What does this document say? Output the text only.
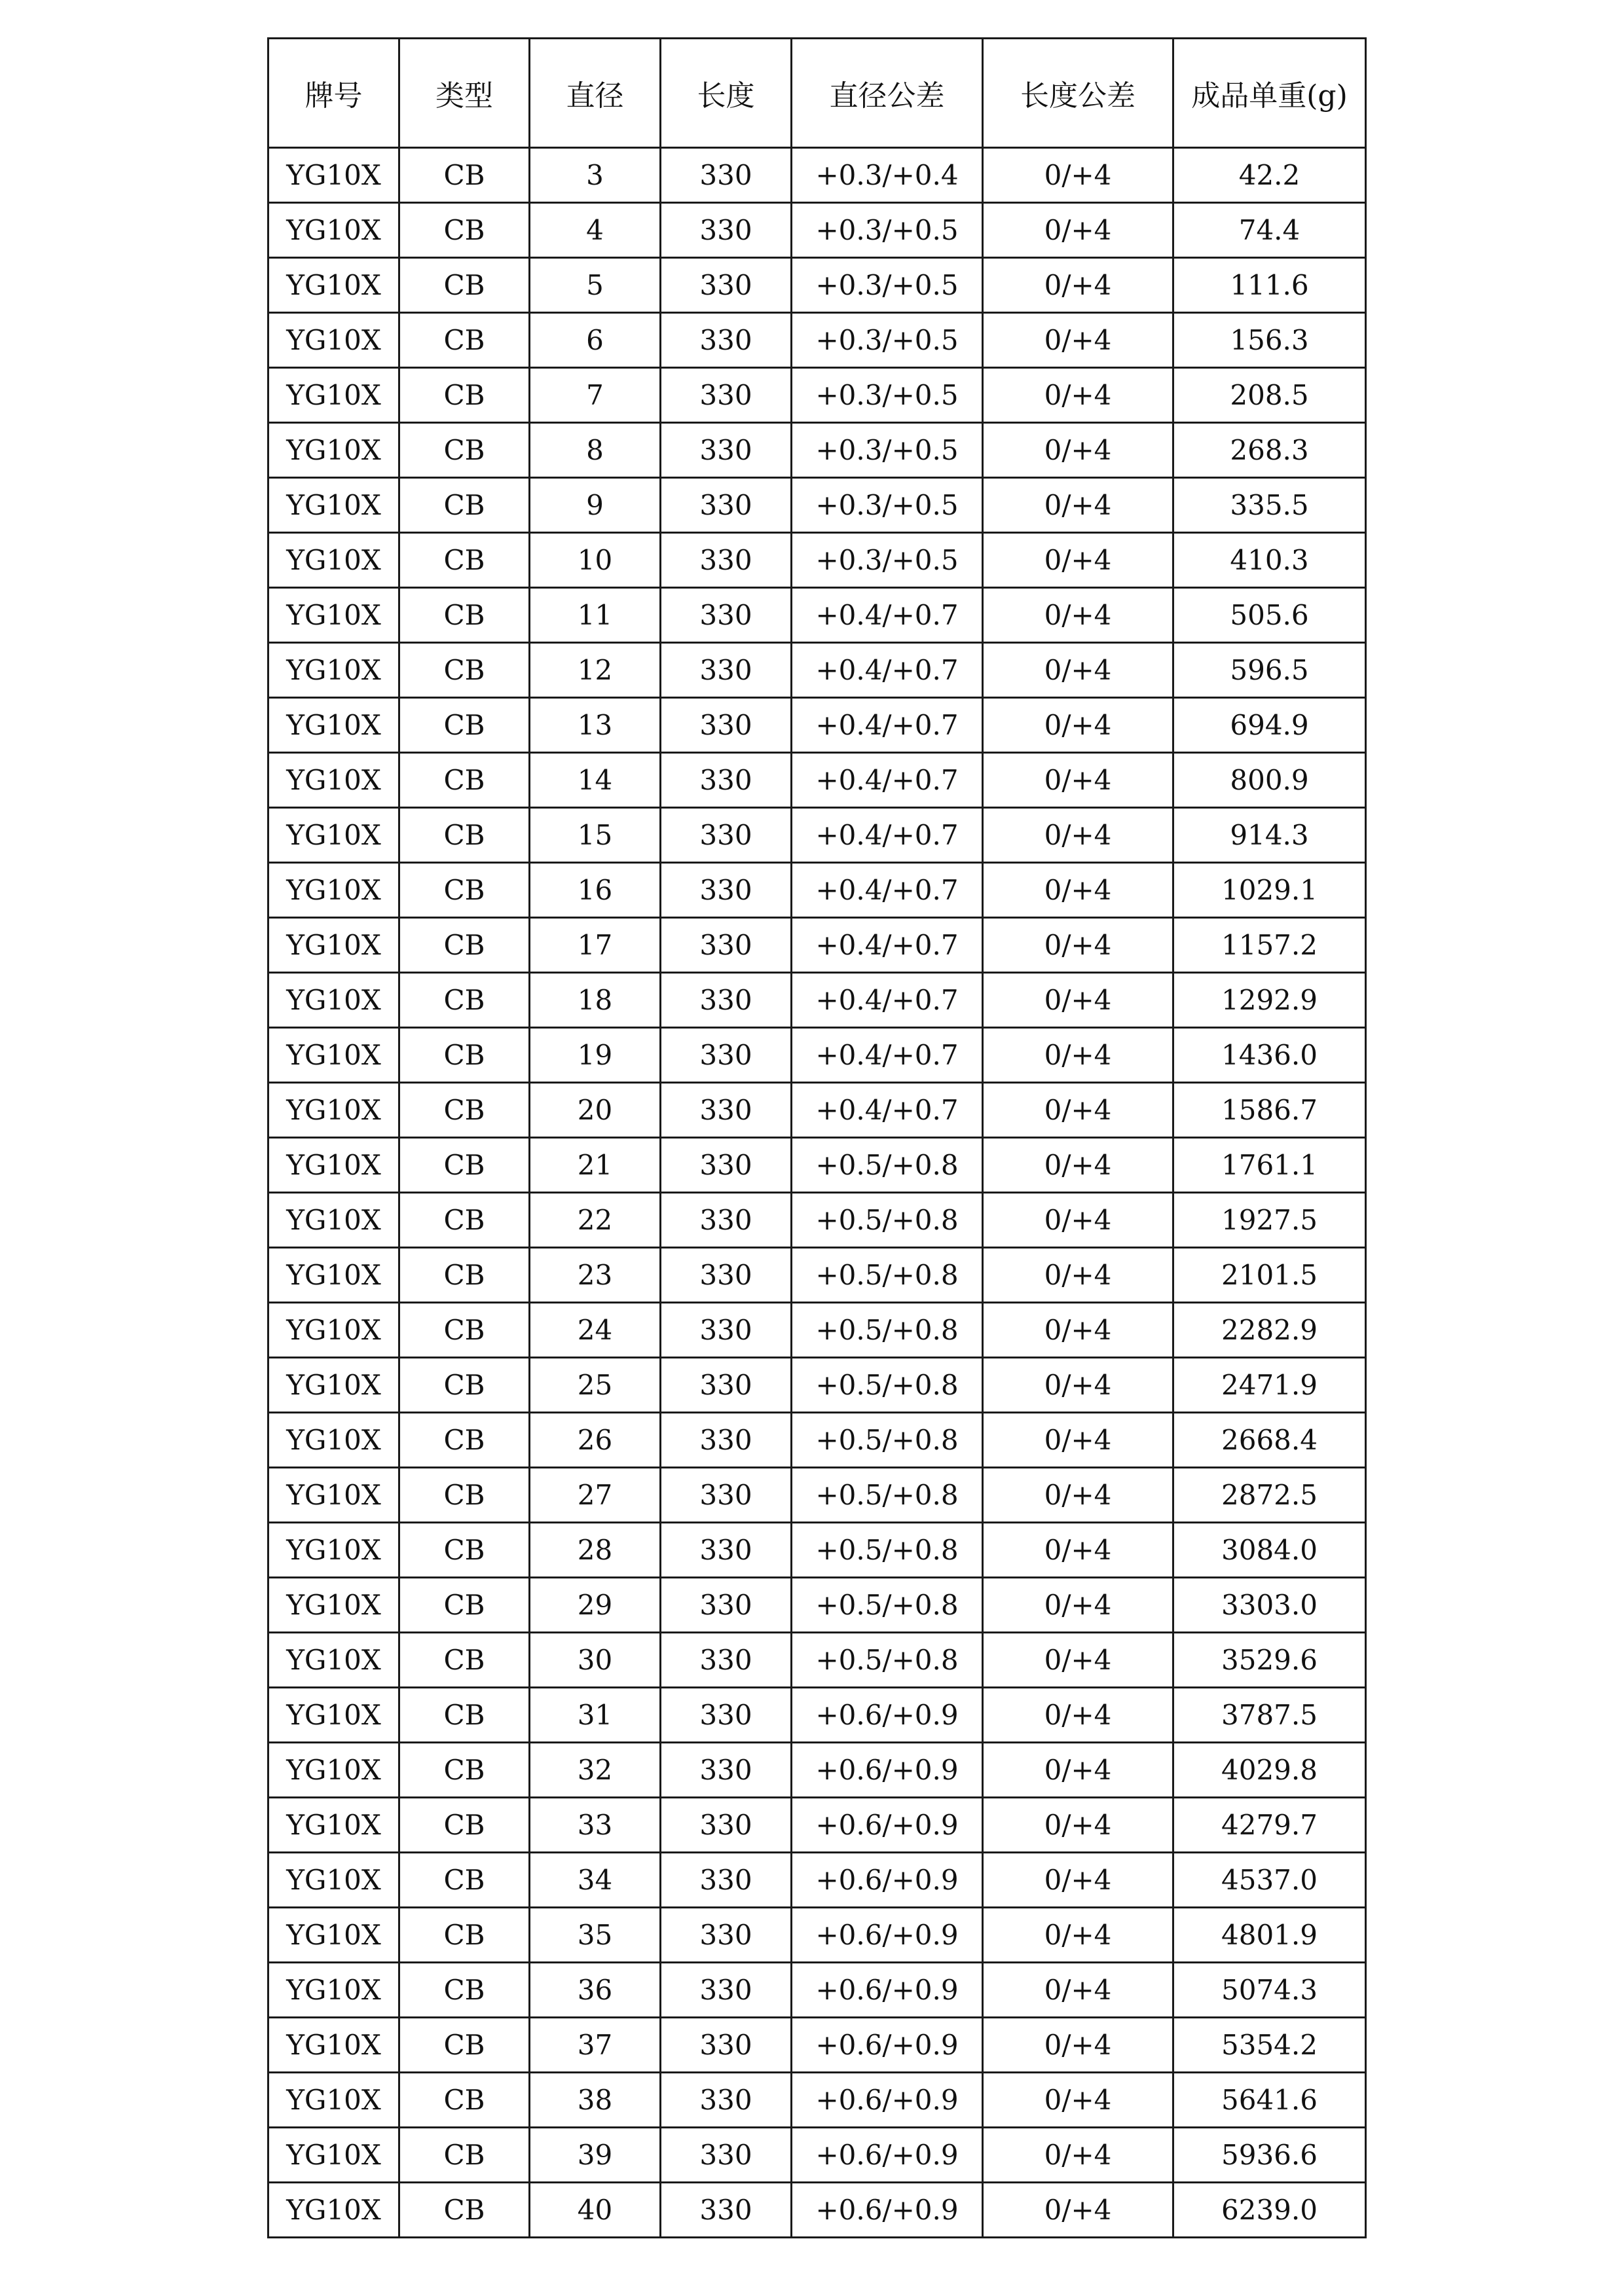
牌号	类型	直径	长度	直径公差	长度公差	成品单重(g)
YG10X	CB	3	330	+0.3/+0.4	0/+4	42.2
YG10X	CB	4	330	+0.3/+0.5	0/+4	74.4
YG10X	CB	5	330	+0.3/+0.5	0/+4	111.6
YG10X	CB	6	330	+0.3/+0.5	0/+4	156.3
YG10X	CB	7	330	+0.3/+0.5	0/+4	208.5
YG10X	CB	8	330	+0.3/+0.5	0/+4	268.3
YG10X	CB	9	330	+0.3/+0.5	0/+4	335.5
YG10X	CB	10	330	+0.3/+0.5	0/+4	410.3
YG10X	CB	11	330	+0.4/+0.7	0/+4	505.6
YG10X	CB	12	330	+0.4/+0.7	0/+4	596.5
YG10X	CB	13	330	+0.4/+0.7	0/+4	694.9
YG10X	CB	14	330	+0.4/+0.7	0/+4	800.9
YG10X	CB	15	330	+0.4/+0.7	0/+4	914.3
YG10X	CB	16	330	+0.4/+0.7	0/+4	1029.1
YG10X	CB	17	330	+0.4/+0.7	0/+4	1157.2
YG10X	CB	18	330	+0.4/+0.7	0/+4	1292.9
YG10X	CB	19	330	+0.4/+0.7	0/+4	1436.0
YG10X	CB	20	330	+0.4/+0.7	0/+4	1586.7
YG10X	CB	21	330	+0.5/+0.8	0/+4	1761.1
YG10X	CB	22	330	+0.5/+0.8	0/+4	1927.5
YG10X	CB	23	330	+0.5/+0.8	0/+4	2101.5
YG10X	CB	24	330	+0.5/+0.8	0/+4	2282.9
YG10X	CB	25	330	+0.5/+0.8	0/+4	2471.9
YG10X	CB	26	330	+0.5/+0.8	0/+4	2668.4
YG10X	CB	27	330	+0.5/+0.8	0/+4	2872.5
YG10X	CB	28	330	+0.5/+0.8	0/+4	3084.0
YG10X	CB	29	330	+0.5/+0.8	0/+4	3303.0
YG10X	CB	30	330	+0.5/+0.8	0/+4	3529.6
YG10X	CB	31	330	+0.6/+0.9	0/+4	3787.5
YG10X	CB	32	330	+0.6/+0.9	0/+4	4029.8
YG10X	CB	33	330	+0.6/+0.9	0/+4	4279.7
YG10X	CB	34	330	+0.6/+0.9	0/+4	4537.0
YG10X	CB	35	330	+0.6/+0.9	0/+4	4801.9
YG10X	CB	36	330	+0.6/+0.9	0/+4	5074.3
YG10X	CB	37	330	+0.6/+0.9	0/+4	5354.2
YG10X	CB	38	330	+0.6/+0.9	0/+4	5641.6
YG10X	CB	39	330	+0.6/+0.9	0/+4	5936.6
YG10X	CB	40	330	+0.6/+0.9	0/+4	6239.0
